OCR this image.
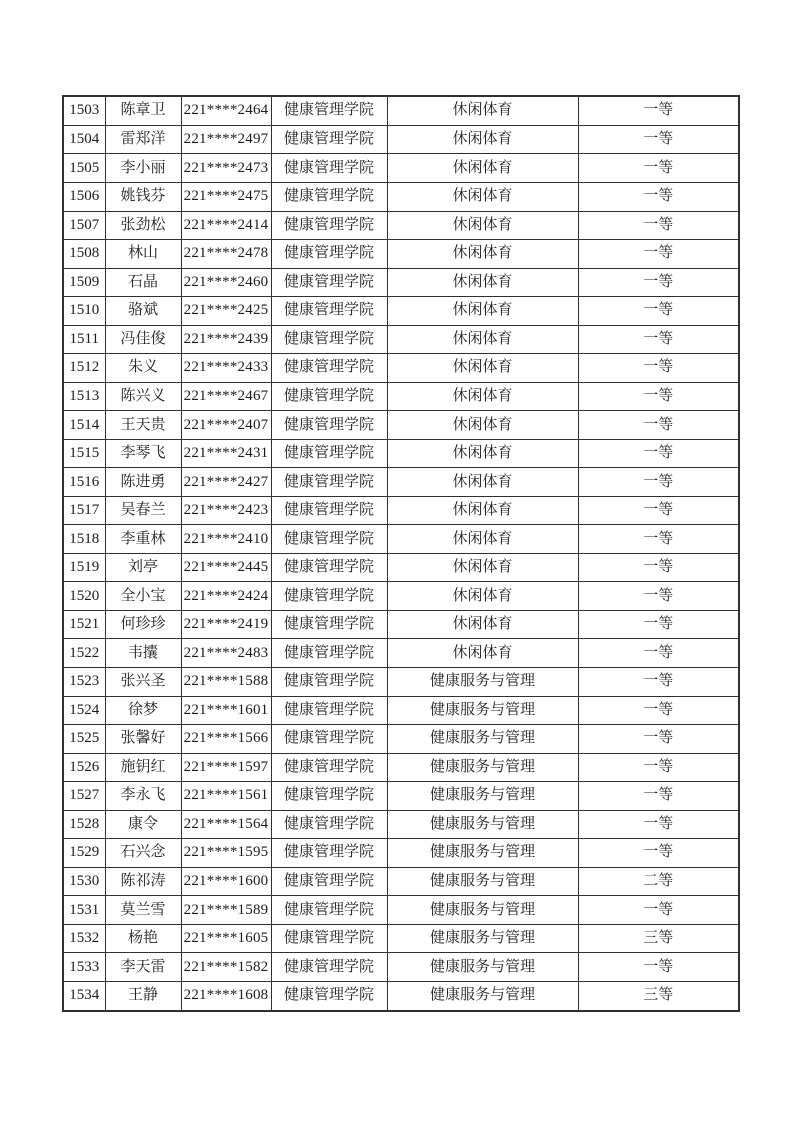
1503	陈章卫	221****2464	健康管理学院	休闲体育	一等
1504	雷郑洋	221****2497	健康管理学院	休闲体育	一等
1505	李小丽	221****2473	健康管理学院	休闲体育	一等
1506	姚钱芬	221****2475	健康管理学院	休闲体育	一等
1507	张劲松	221****2414	健康管理学院	休闲体育	一等
1508	林山	221****2478	健康管理学院	休闲体育	一等
1509	石晶	221****2460	健康管理学院	休闲体育	一等
1510	骆斌	221****2425	健康管理学院	休闲体育	一等
1511	冯佳俊	221****2439	健康管理学院	休闲体育	一等
1512	朱义	221****2433	健康管理学院	休闲体育	一等
1513	陈兴义	221****2467	健康管理学院	休闲体育	一等
1514	王天贵	221****2407	健康管理学院	休闲体育	一等
1515	李琴飞	221****2431	健康管理学院	休闲体育	一等
1516	陈进勇	221****2427	健康管理学院	休闲体育	一等
1517	吴春兰	221****2423	健康管理学院	休闲体育	一等
1518	李重林	221****2410	健康管理学院	休闲体育	一等
1519	刘亭	221****2445	健康管理学院	休闲体育	一等
1520	全小宝	221****2424	健康管理学院	休闲体育	一等
1521	何珍珍	221****2419	健康管理学院	休闲体育	一等
1522	韦攮	221****2483	健康管理学院	休闲体育	一等
1523	张兴圣	221****1588	健康管理学院	健康服务与管理	一等
1524	徐梦	221****1601	健康管理学院	健康服务与管理	一等
1525	张馨好	221****1566	健康管理学院	健康服务与管理	一等
1526	施钥红	221****1597	健康管理学院	健康服务与管理	一等
1527	李永飞	221****1561	健康管理学院	健康服务与管理	一等
1528	康令	221****1564	健康管理学院	健康服务与管理	一等
1529	石兴念	221****1595	健康管理学院	健康服务与管理	一等
1530	陈祁涛	221****1600	健康管理学院	健康服务与管理	二等
1531	莫兰雪	221****1589	健康管理学院	健康服务与管理	一等
1532	杨艳	221****1605	健康管理学院	健康服务与管理	三等
1533	李天雷	221****1582	健康管理学院	健康服务与管理	一等
1534	王静	221****1608	健康管理学院	健康服务与管理	三等
